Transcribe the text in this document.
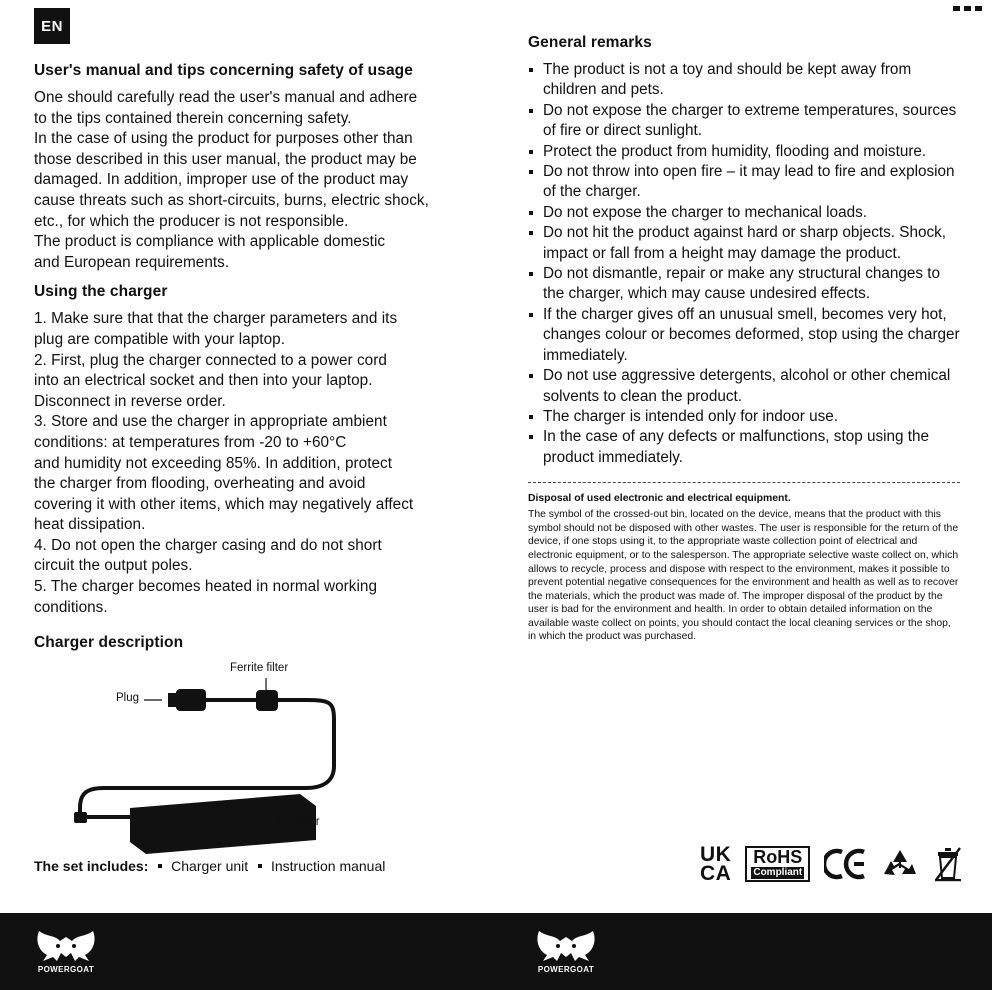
EN
User's manual and tips concerning safety of usage

One should carefully read the user's manual and adhere

to the tips contained therein concerning safety.

In the case of using the product for purposes other than

those described in this user manual, the product may be

damaged. In addition, improper use of the product may

cause threats such as short-circuits, burns, electric shock,

etc., for which the producer is not responsible.

The product is compliance with applicable domestic

and European requirements.

Using the charger

1. Make sure that that the charger parameters and its

plug are compatible with your laptop.

2. First, plug the charger connected to a power cord

into an electrical socket and then into your laptop.

Disconnect in reverse order.

3. Store and use the charger in appropriate ambient

conditions: at temperatures from -20 to +60°C

and humidity not exceeding 85%. In addition, protect

the charger from flooding, overheating and avoid

covering it with other items, which may negatively affect

heat dissipation.

4. Do not open the charger casing and do not short

circuit the output poles.

5. The charger becomes heated in normal working

conditions.

Charger description
Ferrite filter
Plug
Charger
The set includes: Charger unit Instruction manual
General remarks
The product is not a toy and should be kept away from children and pets.
Do not expose the charger to extreme temperatures, sources of fire or direct sunlight.
Protect the product from humidity, flooding and moisture.
Do not throw into open fire – it may lead to fire and explosion of the charger.
Do not expose the charger to mechanical loads.
Do not hit the product against hard or sharp objects. Shock, impact or fall from a height may damage the product.
Do not dismantle, repair or make any structural changes to the charger, which may cause undesired effects.
If the charger gives off an unusual smell, becomes very hot, changes colour or becomes deformed, stop using the charger immediately.
Do not use aggressive detergents, alcohol or other chemical solvents to clean the product.
The charger is intended only for indoor use.
In the case of any defects or malfunctions, stop using the product immediately.
Disposal of used electronic and electrical equipment.

The symbol of the crossed-out bin, located on the device, means that the product with this symbol should not be disposed with other wastes. The user is responsible for the return of the device, if one stops using it, to the appropriate waste collection point of electrical and electronic equipment, or to the salesperson. The appropriate selective waste collect on, which allows to recycle, process and dispose with respect to the environment, makes it possible to prevent potential negative consequences for the environment and health as well as to recover the materials, which the product was made of. The improper disposal of the product by the user is bad for the environment and health. In order to obtain detailed information on the available waste collect on points, you should contact the local cleaning services or the shop, in which the product was purchased.

UK
CA
RoHS
Compliant
POWERGOAT	POWERGOAT
